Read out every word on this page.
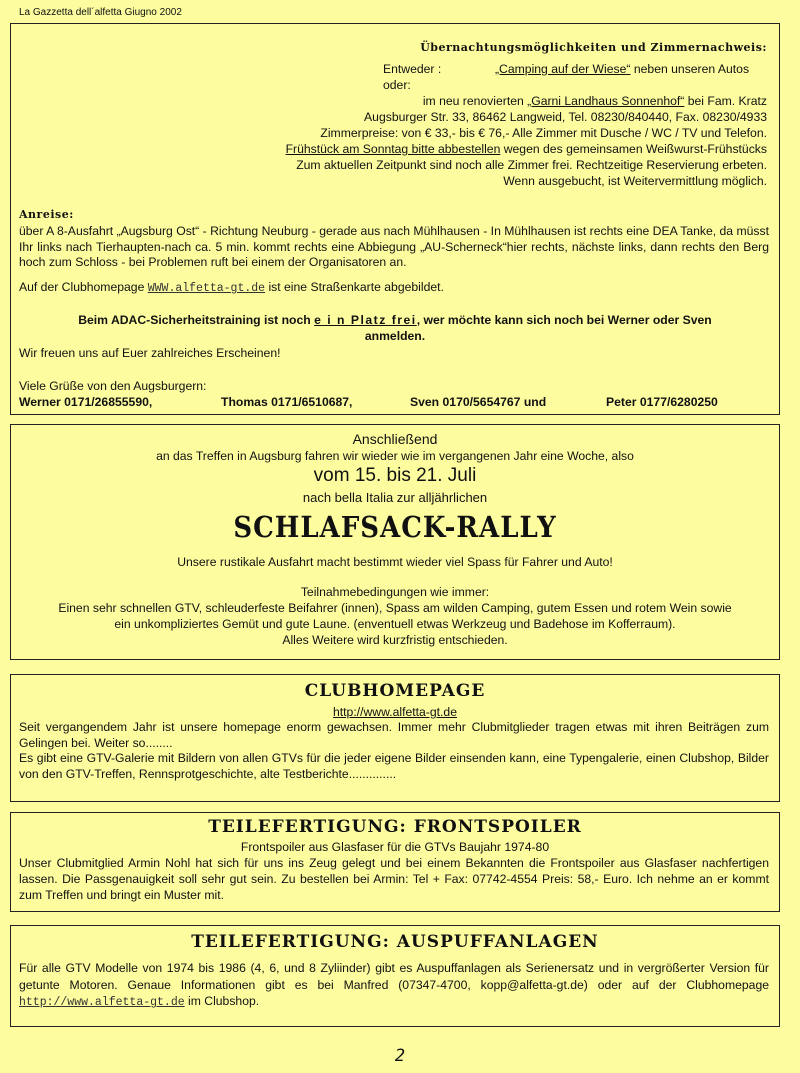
La Gazzetta dell´alfetta Giugno 2002
Übernachtungsmöglichkeiten und Zimmernachweis:
Entweder :	„Camping auf der Wiese“ neben unseren Autos
oder:
im neu renovierten „Garni Landhaus Sonnenhof“ bei Fam. Kratz
Augsburger Str. 33, 86462 Langweid, Tel. 08230/840440, Fax. 08230/4933
Zimmerpreise: von € 33,- bis € 76,- Alle Zimmer mit Dusche / WC / TV und Telefon.
Frühstück am Sonntag bitte abbestellen wegen des gemeinsamen Weißwurst-Frühstücks
Zum aktuellen Zeitpunkt sind noch alle Zimmer frei. Rechtzeitige Reservierung erbeten.
Wenn ausgebucht, ist Weitervermittlung möglich.
Anreise:
über A 8-Ausfahrt „Augsburg Ost“ - Richtung Neuburg - gerade aus nach Mühlhausen - In Mühlhausen ist rechts eine DEA Tanke, da müsst Ihr links nach Tierhaupten-nach ca. 5 min. kommt rechts eine Abbiegung „AU-Scherneck“hier rechts, nächste links, dann rechts den Berg hoch zum Schloss - bei Problemen ruft bei einem der Organisatoren an.
Auf der Clubhomepage WWW.alfetta-gt.de ist eine Straßenkarte abgebildet.
Beim ADAC-Sicherheitstraining ist noch e i n Platz frei, wer möchte kann sich noch bei Werner oder Sven
anmelden.
Wir freuen uns auf Euer zahlreiches Erscheinen!
Viele Grüße von den Augsburgern:
Werner 0171/26855590,	Thomas 0171/6510687,	Sven 0170/5654767 und	Peter 0177/6280250
Anschließend
an das Treffen in Augsburg fahren wir wieder wie im vergangenen Jahr eine Woche, also
vom 15. bis 21. Juli
nach bella Italia zur alljährlichen
SCHLAFSACK-RALLY
Unsere rustikale Ausfahrt macht bestimmt wieder viel Spass für Fahrer und Auto!
Teilnahmebedingungen wie immer:
Einen sehr schnellen GTV, schleuderfeste Beifahrer (innen), Spass am wilden Camping, gutem Essen und rotem Wein sowie
ein unkompliziertes Gemüt und gute Laune. (enventuell etwas Werkzeug und Badehose im Kofferraum).
Alles Weitere wird kurzfristig entschieden.
CLUBHOMEPAGE
http://www.alfetta-gt.de
Seit vergangendem Jahr ist unsere homepage enorm gewachsen. Immer mehr Clubmitglieder tragen etwas mit ihren Beiträgen zum Gelingen bei. Weiter so........
Es gibt eine GTV-Galerie mit Bildern von allen GTVs für die jeder eigene Bilder einsenden kann, eine Typengalerie, einen Clubshop, Bilder von den GTV-Treffen, Rennsprotgeschichte, alte Testberichte..............
TEILEFERTIGUNG: FRONTSPOILER
Frontspoiler aus Glasfaser für die GTVs Baujahr 1974-80
Unser Clubmitglied Armin Nohl hat sich für uns ins Zeug gelegt und bei einem Bekannten die Frontspoiler aus Glasfaser nachfertigen lassen. Die Passgenauigkeit soll sehr gut sein. Zu bestellen bei Armin: Tel + Fax: 07742-4554 Preis: 58,- Euro. Ich nehme an er kommt zum Treffen und bringt ein Muster mit.
TEILEFERTIGUNG: AUSPUFFANLAGEN
Für alle GTV Modelle von 1974 bis 1986 (4, 6, und 8 Zyliinder) gibt es Auspuffanlagen als Serienersatz und in vergrößerter Version für getunte Motoren. Genaue Informationen gibt es bei Manfred (07347-4700, kopp@alfetta-gt.de) oder auf der Clubhomepage http://www.alfetta-gt.de im Clubshop.
2
